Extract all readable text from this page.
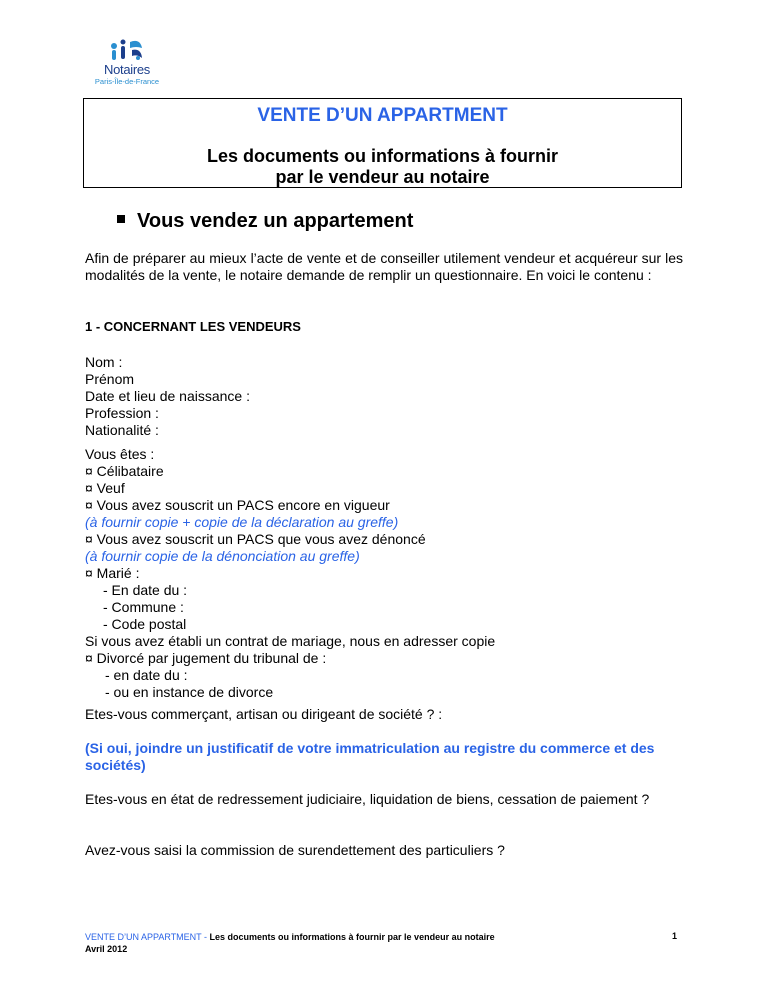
Notaires
Paris-Île-de-France
VENTE D’UN APPARTMENT
Les documents ou informations à fournir
par le vendeur au notaire
Vous vendez un appartement
Afin de préparer au mieux l’acte de vente et de conseiller utilement vendeur et acquéreur sur les modalités de la vente, le notaire demande de remplir un questionnaire. En voici le contenu :
1 - CONCERNANT LES VENDEURS
Nom :
Prénom
Date et lieu de naissance :
Profession :
Nationalité :
Vous êtes :
¤ Célibataire
¤ Veuf
¤ Vous avez souscrit un PACS encore en vigueur
(à fournir copie + copie de la déclaration au greffe)
¤ Vous avez souscrit un PACS que vous avez dénoncé
(à fournir copie de la dénonciation au greffe)
¤ Marié :
- En date du :
- Commune :
- Code postal
Si vous avez établi un contrat de mariage, nous en adresser copie
¤ Divorcé par jugement du tribunal de :
- en date du :
- ou en instance de divorce
Etes-vous commerçant, artisan ou dirigeant de société ? :
(Si oui, joindre un justificatif de votre immatriculation au registre du commerce et des sociétés)
Etes-vous en état de redressement judiciaire, liquidation de biens, cessation de paiement ?
Avez-vous saisi la commission de surendettement des particuliers ?
VENTE D’UN APPARTMENT - Les documents ou informations à fournir par le vendeur au notaire
Avril 2012
1
